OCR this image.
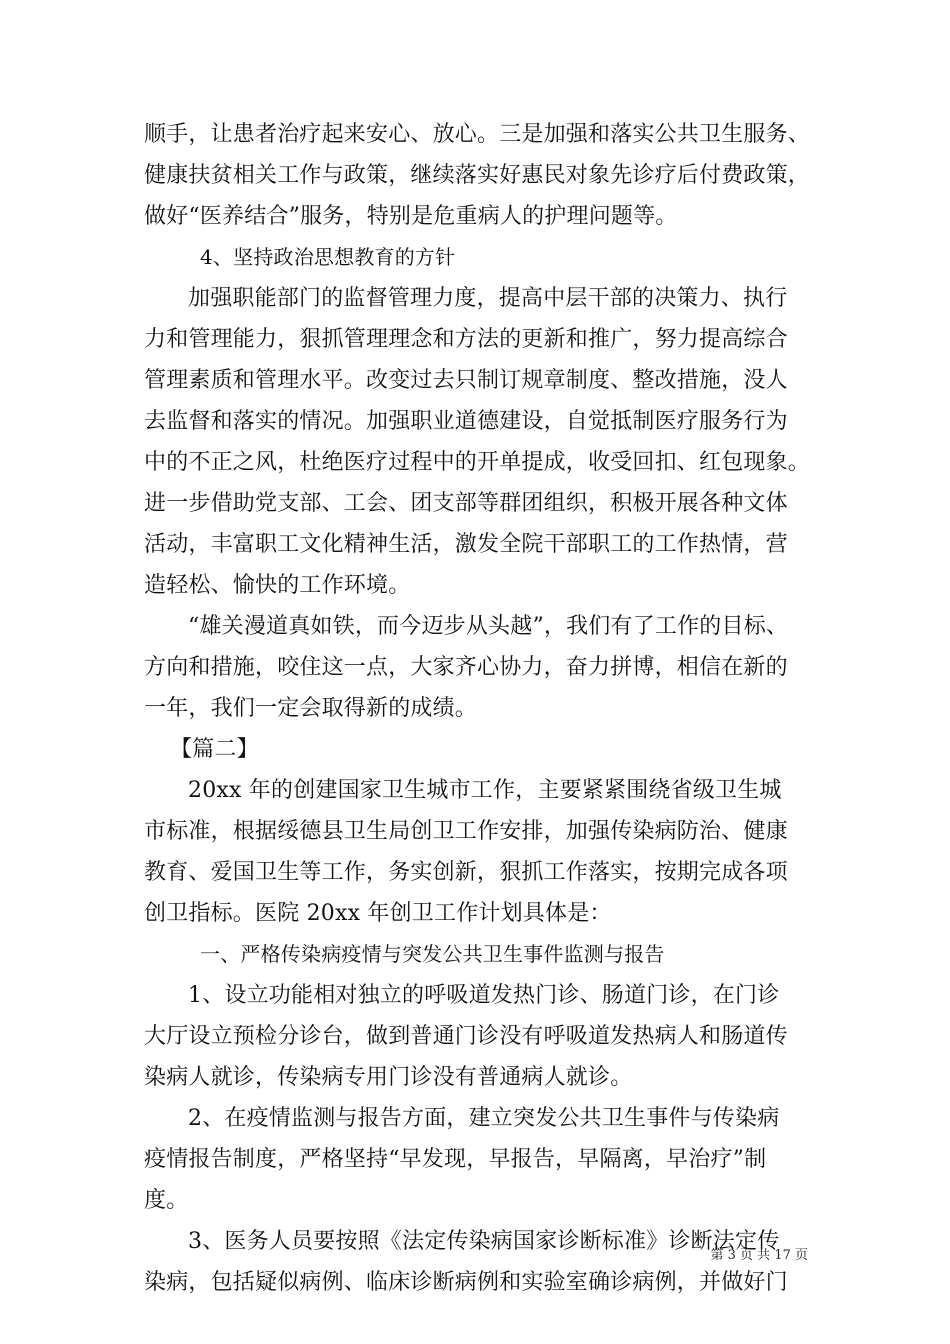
顺手，让患者治疗起来安心、放心。三是加强和落实公共卫生服务、
健康扶贫相关工作与政策，继续落实好惠民对象先诊疗后付费政策，
做好“医养结合”服务，特别是危重病人的护理问题等。
4、坚持政治思想教育的方针
加强职能部门的监督管理力度，提高中层干部的决策力、执行
力和管理能力，狠抓管理理念和方法的更新和推广，努力提高综合
管理素质和管理水平。改变过去只制订规章制度、整改措施，没人
去监督和落实的情况。加强职业道德建设，自觉抵制医疗服务行为
中的不正之风，杜绝医疗过程中的开单提成，收受回扣、红包现象。
进一步借助党支部、工会、团支部等群团组织，积极开展各种文体
活动，丰富职工文化精神生活，激发全院干部职工的工作热情，营
造轻松、愉快的工作环境。
“雄关漫道真如铁，而今迈步从头越”，我们有了工作的目标、
方向和措施，咬住这一点，大家齐心协力，奋力拼博，相信在新的
一年，我们一定会取得新的成绩。
【篇二】
20xx 年的创建国家卫生城市工作，主要紧紧围绕省级卫生城
市标准，根据绥德县卫生局创卫工作安排，加强传染病防治、健康
教育、爱国卫生等工作，务实创新，狠抓工作落实，按期完成各项
创卫指标。医院 20xx 年创卫工作计划具体是：
一、严格传染病疫情与突发公共卫生事件监测与报告
1、设立功能相对独立的呼吸道发热门诊、肠道门诊，在门诊
大厅设立预检分诊台，做到普通门诊没有呼吸道发热病人和肠道传
染病人就诊，传染病专用门诊没有普通病人就诊。
2、在疫情监测与报告方面，建立突发公共卫生事件与传染病
疫情报告制度，严格坚持“早发现，早报告，早隔离，早治疗”制
度。
3、医务人员要按照《法定传染病国家诊断标准》诊断法定传
染病，包括疑似病例、临床诊断病例和实验室确诊病例，并做好门
第 3 页 共 17 页
